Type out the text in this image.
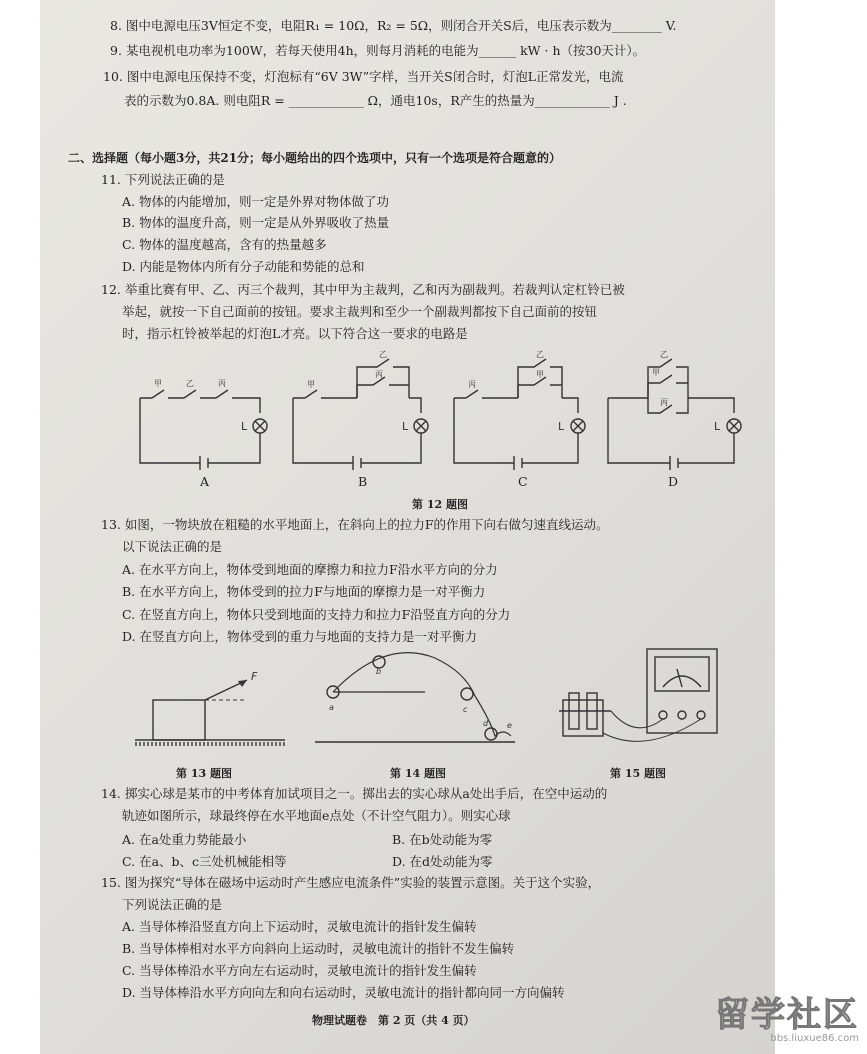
8. 图中电源电压3V恒定不变，电阻R₁ = 10Ω，R₂ = 5Ω，则闭合开关S后，电压表示数为________ V.
9. 某电视机电功率为100W，若每天使用4h，则每月消耗的电能为______ kW · h（按30天计）。
10. 图中电源电压保持不变，灯泡标有“6V 3W”字样，当开关S闭合时，灯泡L正常发光，电流
表的示数为0.8A. 则电阻R = ____________ Ω，通电10s，R产生的热量为____________ J .
二、选择题（每小题3分，共21分；每小题给出的四个选项中，只有一个选项是符合题意的）
11. 下列说法正确的是
A. 物体的内能增加，则一定是外界对物体做了功
B. 物体的温度升高，则一定是从外界吸收了热量
C. 物体的温度越高，含有的热量越多
D. 内能是物体内所有分子动能和势能的总和
12. 举重比赛有甲、乙、丙三个裁判，其中甲为主裁判，乙和丙为副裁判。若裁判认定杠铃已被
举起，就按一下自己面前的按钮。要求主裁判和至少一个副裁判都按下自己面前的按钮
时，指示杠铃被举起的灯泡L才亮。以下符合这一要求的电路是
甲	乙	丙
L
A
甲
乙
丙
L
B
丙
乙
甲
L
C
乙
甲
丙
L
D
第 12 题图
13. 如图，一物块放在粗糙的水平地面上，在斜向上的拉力F的作用下向右做匀速直线运动。
以下说法正确的是
A. 在水平方向上，物体受到地面的摩擦力和拉力F沿水平方向的分力
B. 在水平方向上，物体受到的拉力F与地面的摩擦力是一对平衡力
C. 在竖直方向上，物体只受到地面的支持力和拉力F沿竖直方向的分力
D. 在竖直方向上，物体受到的重力与地面的支持力是一对平衡力
F
第 13 题图
a
b
c
d e
第 14 题图	第 15 题图
14. 掷实心球是某市的中考体育加试项目之一。掷出去的实心球从a处出手后，在空中运动的
轨迹如图所示，球最终停在水平地面e点处（不计空气阻力）。则实心球
A. 在a处重力势能最小	B. 在b处动能为零
C. 在a、b、c三处机械能相等	D. 在d处动能为零
15. 图为探究“导体在磁场中运动时产生感应电流条件”实验的装置示意图。关于这个实验，
下列说法正确的是
A. 当导体棒沿竖直方向上下运动时，灵敏电流计的指针发生偏转
B. 当导体棒相对水平方向斜向上运动时，灵敏电流计的指针不发生偏转
C. 当导体棒沿水平方向左右运动时，灵敏电流计的指针发生偏转
D. 当导体棒沿水平方向向左和向右运动时，灵敏电流计的指针都向同一方向偏转
物理试题卷　第 2 页（共 4 页）	留学社区
bbs.liuxue86.com
